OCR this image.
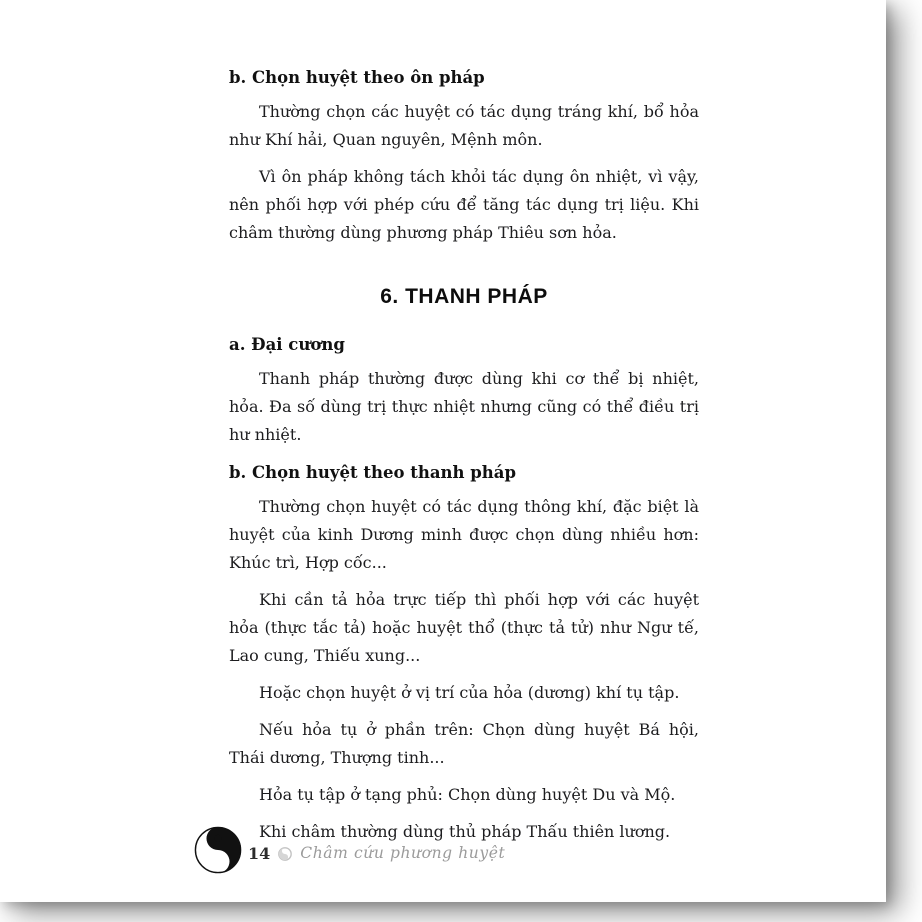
b. Chọn huyệt theo ôn pháp

Thường chọn các huyệt có tác dụng tráng khí, bổ hỏa như Khí hải, Quan nguyên, Mệnh môn.

Vì ôn pháp không tách khỏi tác dụng ôn nhiệt, vì vậy, nên phối hợp với phép cứu để tăng tác dụng trị liệu. Khi châm thường dùng phương pháp Thiêu sơn hỏa.

6. THANH PHÁP
a. Đại cương

Thanh pháp thường được dùng khi cơ thể bị nhiệt, hỏa. Đa số dùng trị thực nhiệt nhưng cũng có thể điều trị hư nhiệt.

b. Chọn huyệt theo thanh pháp

Thường chọn huyệt có tác dụng thông khí, đặc biệt là huyệt của kinh Dương minh được chọn dùng nhiều hơn: Khúc trì, Hợp cốc...

Khi cần tả hỏa trực tiếp thì phối hợp với các huyệt hỏa (thực tắc tả) hoặc huyệt thổ (thực tả tử) như Ngư tế, Lao cung, Thiếu xung...

Hoặc chọn huyệt ở vị trí của hỏa (dương) khí tụ tập.

Nếu hỏa tụ ở phần trên: Chọn dùng huyệt Bá hội, Thái dương, Thượng tinh...

Hỏa tụ tập ở tạng phủ: Chọn dùng huyệt Du và Mộ.

Khi châm thường dùng thủ pháp Thấu thiên lương.

14 Châm cứu phương huyệt
